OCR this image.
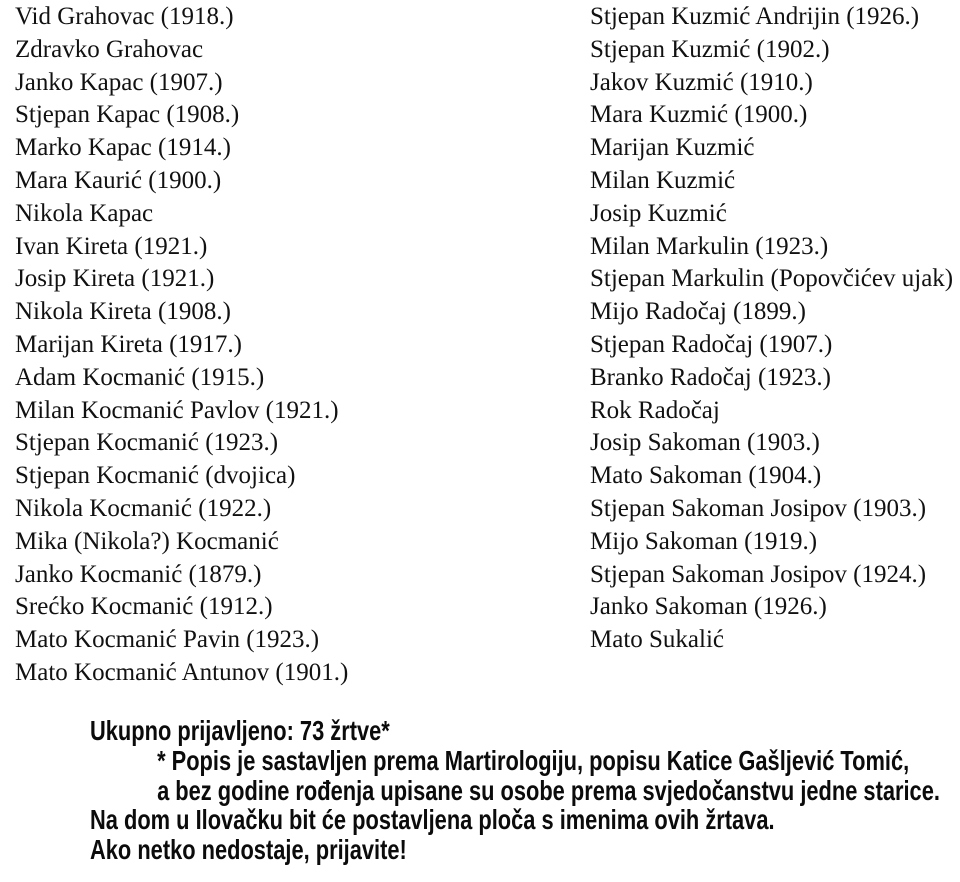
Vid Grahovac (1918.)
Zdravko Grahovac
Janko Kapac (1907.)
Stjepan Kapac (1908.)
Marko Kapac (1914.)
Mara Kaurić (1900.)
Nikola Kapac
Ivan Kireta (1921.)
Josip Kireta (1921.)
Nikola Kireta (1908.)
Marijan Kireta (1917.)
Adam Kocmanić (1915.)
Milan Kocmanić Pavlov (1921.)
Stjepan Kocmanić (1923.)
Stjepan Kocmanić (dvojica)
Nikola Kocmanić (1922.)
Mika (Nikola?) Kocmanić
Janko Kocmanić (1879.)
Srećko Kocmanić (1912.)
Mato Kocmanić Pavin (1923.)
Mato Kocmanić Antunov (1901.)
Stjepan Kuzmić Andrijin (1926.)
Stjepan Kuzmić (1902.)
Jakov Kuzmić (1910.)
Mara Kuzmić (1900.)
Marijan Kuzmić
Milan Kuzmić
Josip Kuzmić
Milan Markulin (1923.)
Stjepan Markulin (Popovčićev ujak)
Mijo Radočaj (1899.)
Stjepan Radočaj (1907.)
Branko Radočaj (1923.)
Rok Radočaj
Josip Sakoman (1903.)
Mato Sakoman (1904.)
Stjepan Sakoman Josipov (1903.)
Mijo Sakoman (1919.)
Stjepan Sakoman Josipov (1924.)
Janko Sakoman (1926.)
Mato Sukalić
Ukupno prijavljeno: 73 žrtve*
* Popis je sastavljen prema Martirologiju, popisu Katice Gašljević Tomić,
a bez godine rođenja upisane su osobe prema svjedočanstvu jedne starice.
Na dom u Ilovačku bit će postavljena ploča s imenima ovih žrtava.
Ako netko nedostaje, prijavite!
